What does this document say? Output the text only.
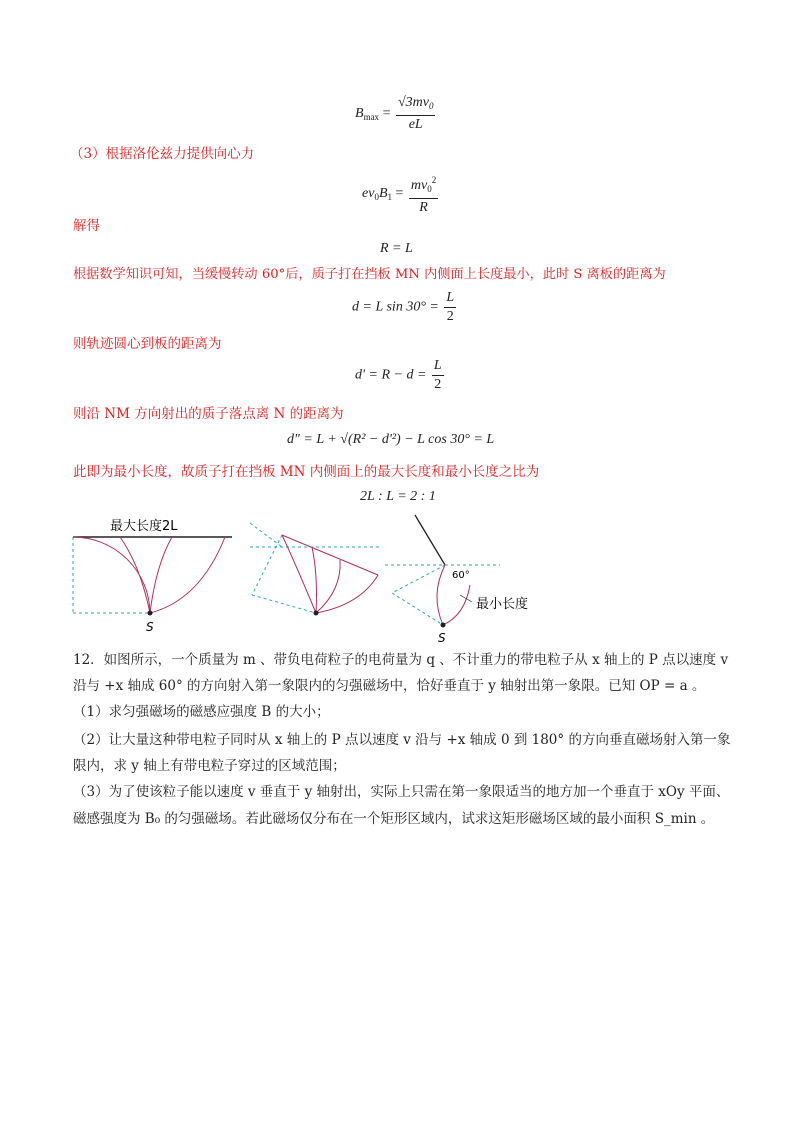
$B_{max} = \frac{√3mv_0}{eL}$
（3）根据洛伦兹力提供向心力
$ev_0B_1 = \frac{mv_0^2}{R}$
解得
R = L
根据数学知识可知，当缓慢转动 60°后，质子打在挡板 MN 内侧面上长度最小，此时 S 离板的距离为
d = L $\sin 30^\circ = \frac{L}{2}$
则轨迹圆心到板的距离为
$d' = R - d = \frac{L}{2}$
则沿 NM 方向射出的质子落点离 N 的距离为
d" = L + √(R² − d'²) − L cos 30° = L
此即为最小长度，故质子打在挡板 MN 内侧面上的最大长度和最小长度之比为
2L : L = 2 : 1
S
最大长度2L
60°
最小长度
S
12．如图所示，一个质量为 m 、带负电荷粒子的电荷量为 q 、不计重力的带电粒子从 x 轴上的 P 点以速度 v
沿与 +x 轴成 60° 的方向射入第一象限内的匀强磁场中，恰好垂直于 y 轴射出第一象限。已知 OP = a 。
（1）求匀强磁场的磁感应强度 B 的大小；
（2）让大量这种带电粒子同时从 x 轴上的 P 点以速度 v 沿与 +x 轴成 0 到 180° 的方向垂直磁场射入第一象
限内，求 y 轴上有带电粒子穿过的区域范围；
（3）为了使该粒子能以速度 v 垂直于 y 轴射出，实际上只需在第一象限适当的地方加一个垂直于 xOy 平面、
磁感强度为 B₀ 的匀强磁场。若此磁场仅分布在一个矩形区域内，试求这矩形磁场区域的最小面积 S_min 。
